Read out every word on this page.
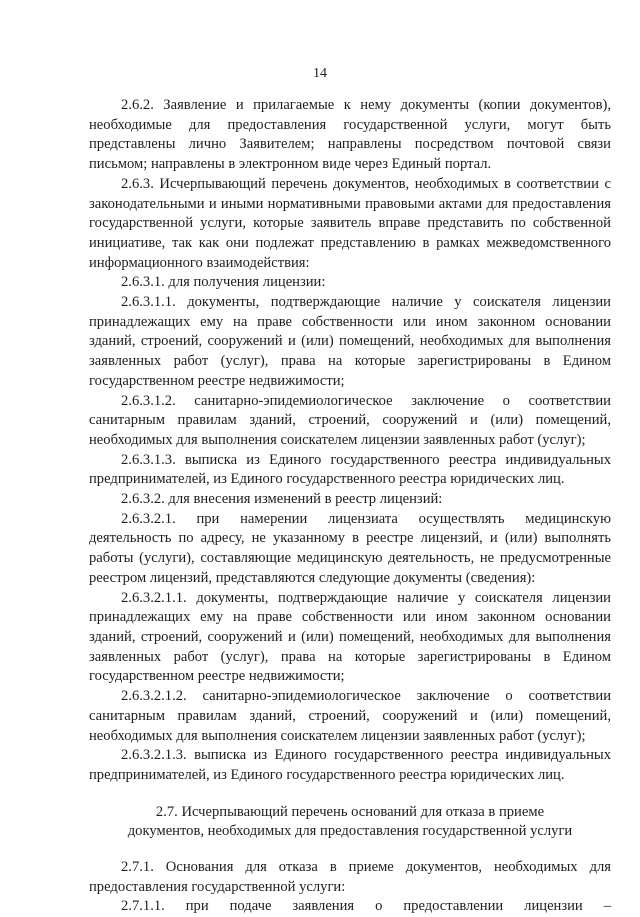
14

2.6.2. Заявление и прилагаемые к нему документы (копии документов), необходимые для предоставления государственной услуги, могут быть представлены лично Заявителем; направлены посредством почтовой связи письмом; направлены в электронном виде через Единый портал.

2.6.3. Исчерпывающий перечень документов, необходимых в соответствии с законодательными и иными нормативными правовыми актами для предоставления государственной услуги, которые заявитель вправе представить по собственной инициативе, так как они подлежат представлению в рамках межведомственного информационного взаимодействия:

2.6.3.1. для получения лицензии:

2.6.3.1.1. документы, подтверждающие наличие у соискателя лицензии принадлежащих ему на праве собственности или ином законном основании зданий, строений, сооружений и (или) помещений, необходимых для выполнения заявленных работ (услуг), права на которые зарегистрированы в Едином государственном реестре недвижимости;

2.6.3.1.2. санитарно-эпидемиологическое заключение о соответствии санитарным правилам зданий, строений, сооружений и (или) помещений, необходимых для выполнения соискателем лицензии заявленных работ (услуг);

2.6.3.1.3. выписка из Единого государственного реестра индивидуальных предпринимателей, из Единого государственного реестра юридических лиц.

2.6.3.2. для внесения изменений в реестр лицензий:

2.6.3.2.1. при намерении лицензиата осуществлять медицинскую деятельность по адресу, не указанному в реестре лицензий, и (или) выполнять работы (услуги), составляющие медицинскую деятельность, не предусмотренные реестром лицензий, представляются следующие документы (сведения):

2.6.3.2.1.1. документы, подтверждающие наличие у соискателя лицензии принадлежащих ему на праве собственности или ином законном основании зданий, строений, сооружений и (или) помещений, необходимых для выполнения заявленных работ (услуг), права на которые зарегистрированы в Едином государственном реестре недвижимости;

2.6.3.2.1.2. санитарно-эпидемиологическое заключение о соответствии санитарным правилам зданий, строений, сооружений и (или) помещений, необходимых для выполнения соискателем лицензии заявленных работ (услуг);

2.6.3.2.1.3. выписка из Единого государственного реестра индивидуальных предпринимателей, из Единого государственного реестра юридических лиц.

2.7. Исчерпывающий перечень оснований для отказа в приеме

документов, необходимых для предоставления государственной услуги

2.7.1. Основания для отказа в приеме документов, необходимых для предоставления государственной услуги:

2.7.1.1. при подаче заявления о предоставлении лицензии –
